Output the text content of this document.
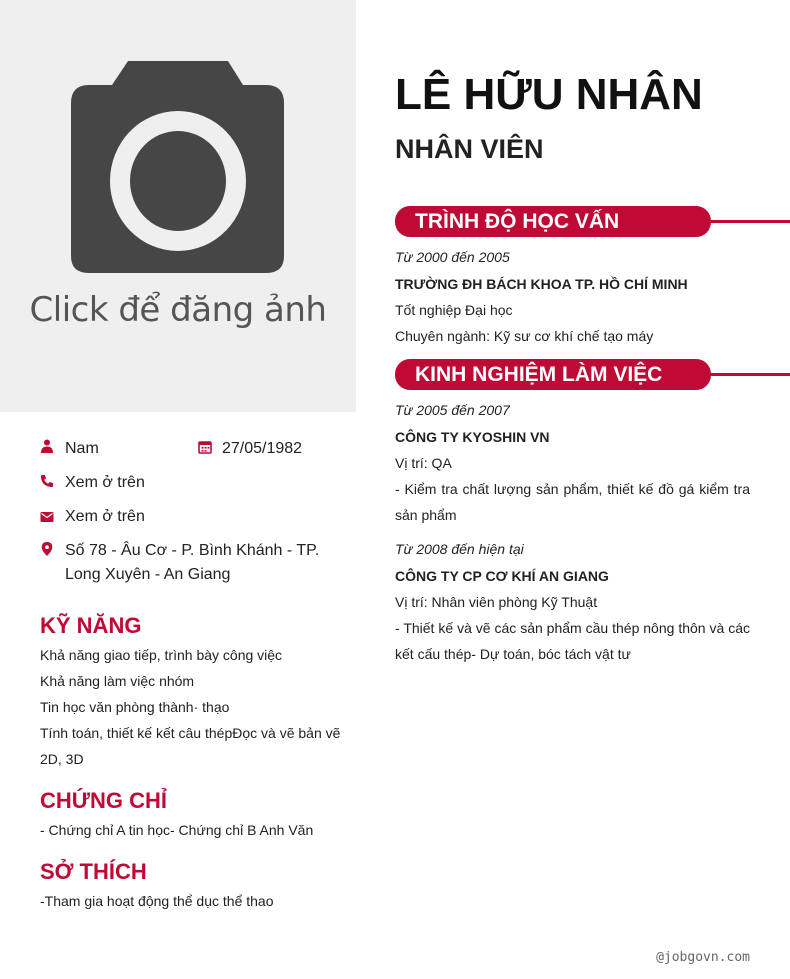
Click để đăng ảnh
LÊ HỮU NHÂN
NHÂN VIÊN
TRÌNH ĐỘ HỌC VẤN
Từ 2000 đến 2005
TRƯỜNG ĐH BÁCH KHOA TP. HỒ CHÍ MINH
Tốt nghiệp Đại học
Chuyên ngành: Kỹ sư cơ khí chế tạo máy
KINH NGHIỆM LÀM VIỆC
Từ 2005 đến 2007
CÔNG TY KYOSHIN VN
Vị trí: QA
- Kiểm tra chất lượng sản phẩm, thiết kế đồ gá kiểm tra sản phẩm
Từ 2008 đến hiện tại
CÔNG TY CP CƠ KHÍ AN GIANG
Vị trí: Nhân viên phòng Kỹ Thuật
- Thiết kế và vẽ các sản phẩm cầu thép nông thôn và các kết cấu thép- Dự toán, bóc tách vật tư
Nam	27/05/1982
Xem ở trên
Xem ở trên
Số 78 - Âu Cơ - P. Bình Khánh - TP. Long Xuyên - An Giang
KỸ NĂNG
Khả năng giao tiếp, trình bày công việc
Khả năng làm việc nhóm
Tin học văn phòng thành· thạo
Tính toán, thiết kế kết câu thépĐọc và vẽ bản vẽ 2D, 3D
CHỨNG CHỈ
- Chứng chỉ A tin học- Chứng chỉ B Anh Văn
SỞ THÍCH
-Tham gia hoạt động thể dục thể thao
@jobgovn.com
